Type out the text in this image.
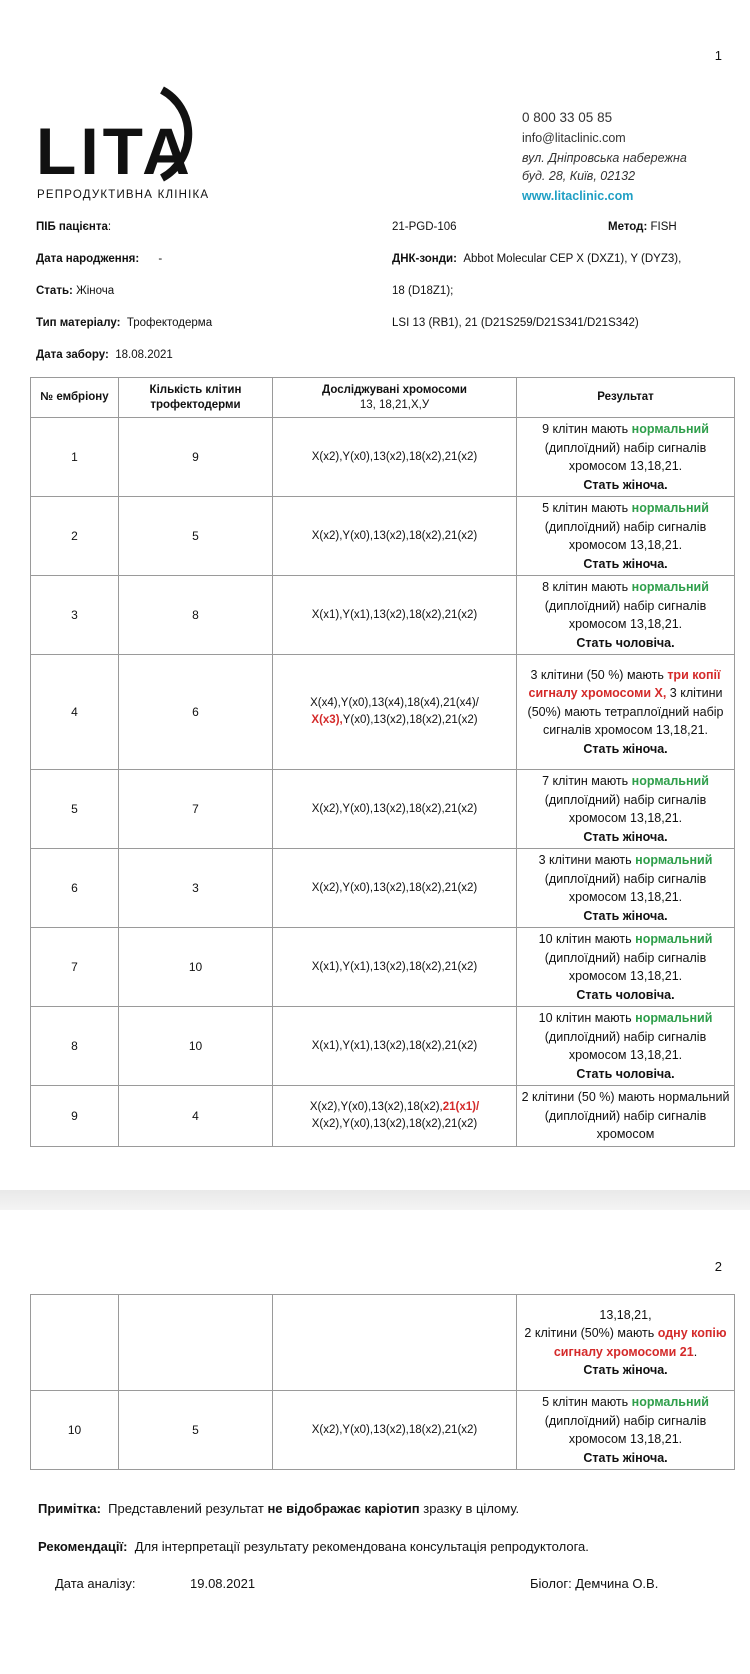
1
LITA
РЕПРОДУКТИВНА КЛІНІКА
0 800 33 05 85
info@litaclinic.com
вул. Дніпровська набережна
буд. 28, Київ, 02132
www.litaclinic.com
ПІБ пацієнта:	21-PGD-106	Метод: FISH
Дата народження: -	ДНК-зонди: Abbot Molecular CEP X (DXZ1), Y (DYZ3),
Стать: Жіноча	18 (D18Z1);
Тип матеріалу: Трофектодерма	LSI 13 (RB1), 21 (D21S259/D21S341/D21S342)
Дата забору: 18.08.2021
№ ембріону	Кількість клітин трофектодерми	Досліджувані хромосоми
13, 18,21,Х,У	Результат
1	9	X(x2),Y(x0),13(x2),18(x2),21(x2)	9 клітин мають нормальний (диплоїдний) набір сигналів хромосом 13,18,21.
Стать жіноча.
2	5	X(x2),Y(x0),13(x2),18(x2),21(x2)	5 клітин мають нормальний (диплоїдний) набір сигналів хромосом 13,18,21.
Стать жіноча.
3	8	X(x1),Y(x1),13(x2),18(x2),21(x2)	8 клітин мають нормальний (диплоїдний) набір сигналів хромосом 13,18,21.
Стать чоловіча.
4	6	X(x4),Y(x0),13(x4),18(x4),21(x4)/
X(x3),Y(x0),13(x2),18(x2),21(x2)	3 клітини (50 %) мають три копії сигналу хромосоми Х, 3 клітини (50%) мають тетраплоїдний набір сигналів хромосом 13,18,21.
Стать жіноча.
5	7	X(x2),Y(x0),13(x2),18(x2),21(x2)	7 клітин мають нормальний (диплоїдний) набір сигналів хромосом 13,18,21.
Стать жіноча.
6	3	X(x2),Y(x0),13(x2),18(x2),21(x2)	3 клітини мають нормальний (диплоїдний) набір сигналів хромосом 13,18,21.
Стать жіноча.
7	10	X(x1),Y(x1),13(x2),18(x2),21(x2)	10 клітин мають нормальний (диплоїдний) набір сигналів хромосом 13,18,21.
Стать чоловіча.
8	10	X(x1),Y(x1),13(x2),18(x2),21(x2)	10 клітин мають нормальний (диплоїдний) набір сигналів хромосом 13,18,21.
Стать чоловіча.
9	4	X(x2),Y(x0),13(x2),18(x2),21(x1)/
X(x2),Y(x0),13(x2),18(x2),21(x2)	2 клітини (50 %) мають нормальний (диплоїдний) набір сигналів хромосом
2
			13,18,21,
2 клітини (50%) мають одну копію сигналу хромосоми 21.
Стать жіноча.
10	5	X(x2),Y(x0),13(x2),18(x2),21(x2)	5 клітин мають нормальний (диплоїдний) набір сигналів хромосом 13,18,21.
Стать жіноча.
Примітка: Представлений результат не відображає каріотип зразку в цілому.
Рекомендації: Для інтерпретації результату рекомендована консультація репродуктолога.
Дата аналізу:	19.08.2021	Біолог: Демчина О.В.
